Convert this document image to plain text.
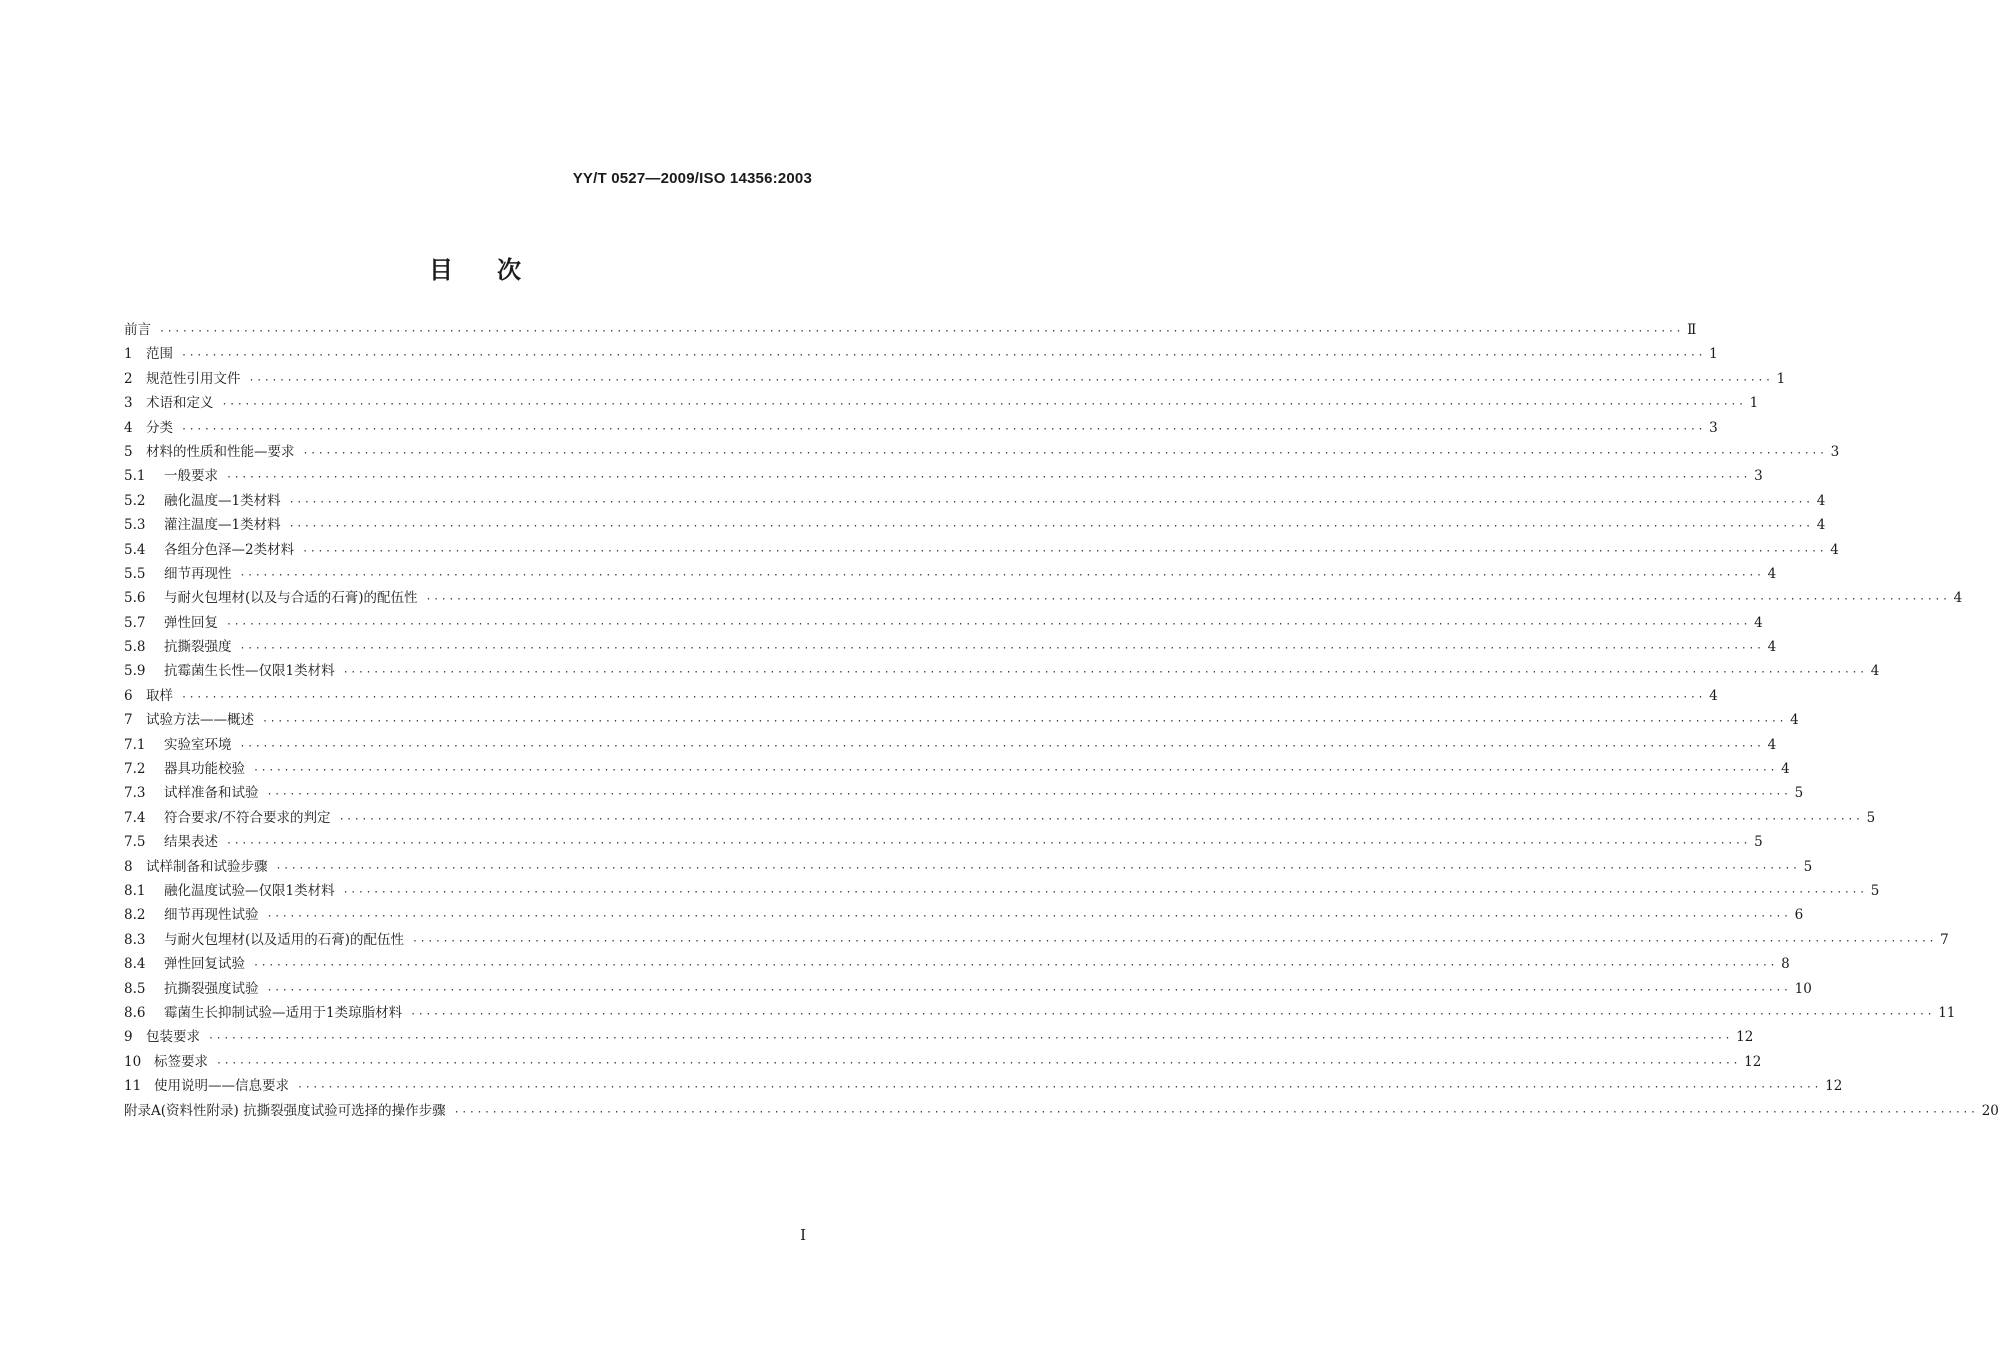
YY/T 0527—2009/ISO 14356:2003
目 次
前言 ········································································································································································································ Ⅱ
1 范围 ········································································································································································································ 1
2 规范性引用文件 ········································································································································································································ 1
3 术语和定义 ········································································································································································································ 1
4 分类 ········································································································································································································ 3
5 材料的性质和性能—要求 ········································································································································································································ 3
5.1	一般要求 ········································································································································································································ 3
5.2	融化温度—1类材料 ········································································································································································································ 4
5.3	灌注温度—1类材料 ········································································································································································································ 4
5.4	各组分色泽—2类材料 ········································································································································································································ 4
5.5	细节再现性 ········································································································································································································ 4
5.6	与耐火包埋材(以及与合适的石膏)的配伍性 ········································································································································································································ 4
5.7	弹性回复 ········································································································································································································ 4
5.8	抗撕裂强度 ········································································································································································································ 4
5.9	抗霉菌生长性—仅限1类材料 ········································································································································································································ 4
6 取样 ········································································································································································································ 4
7 试验方法——概述 ········································································································································································································ 4
7.1	实验室环境 ········································································································································································································ 4
7.2	器具功能校验 ········································································································································································································ 4
7.3	试样准备和试验 ········································································································································································································ 5
7.4	符合要求/不符合要求的判定 ········································································································································································································ 5
7.5	结果表述 ········································································································································································································ 5
8 试样制备和试验步骤 ········································································································································································································ 5
8.1	融化温度试验—仅限1类材料 ········································································································································································································ 5
8.2	细节再现性试验 ········································································································································································································ 6
8.3	与耐火包埋材(以及适用的石膏)的配伍性 ········································································································································································································ 7
8.4	弹性回复试验 ········································································································································································································ 8
8.5	抗撕裂强度试验 ········································································································································································································ 10
8.6	霉菌生长抑制试验—适用于1类琼脂材料 ········································································································································································································ 11
9 包装要求 ········································································································································································································ 12
10 标签要求 ········································································································································································································ 12
11 使用说明——信息要求 ········································································································································································································ 12
附录A(资料性附录) 抗撕裂强度试验可选择的操作步骤 ········································································································································································································ 20
I
